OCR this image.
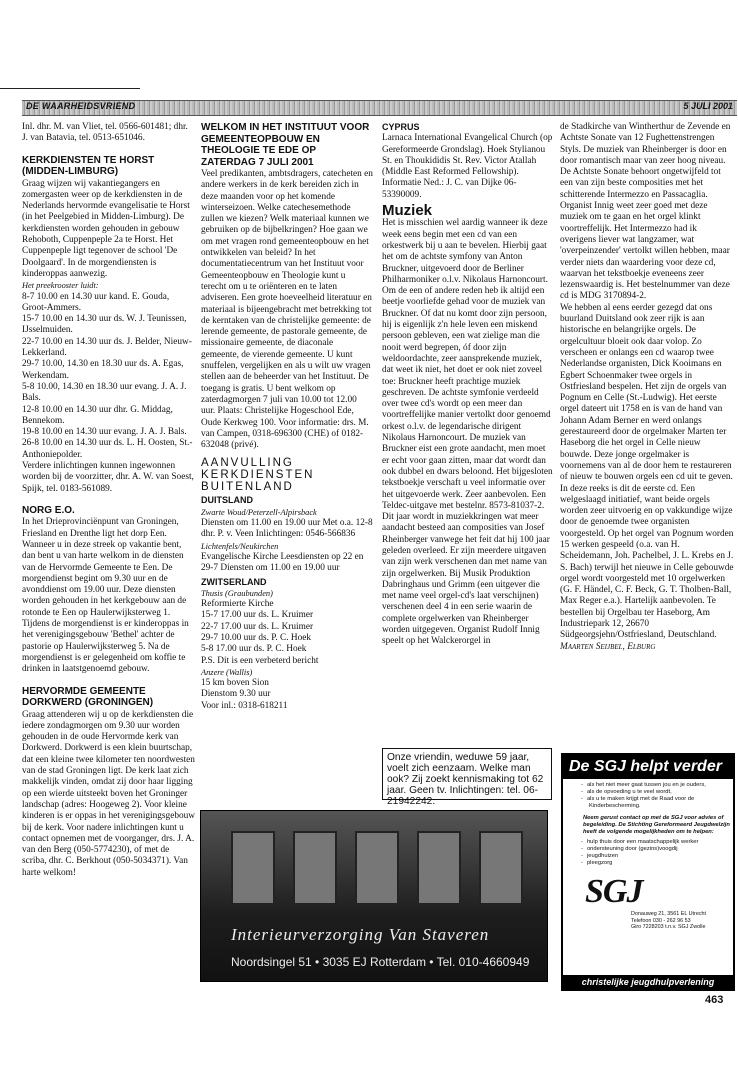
DE WAARHEIDSVRIEND	5 JULI 2001

Inl. dhr. M. van Vliet, tel. 0566-601481; dhr. J. van Batavia, tel. 0513-651046.

KERKDIENSTEN TE HORST (MIDDEN-LIMBURG)

Graag wijzen wij vakantiegangers en zomergasten weer op de kerkdiensten in de Nederlands hervormde evangelisatie te Horst (in het Peelgebied in Midden-Limburg). De kerkdiensten worden gehouden in gebouw Rehoboth, Cuppenpeple 2a te Horst. Het Cuppenpeple ligt tegenover de school 'De Doolgaard'. In de morgendiensten is kinderoppas aanwezig.

Het preekrooster luidt:

8-7 10.00 en 14.30 uur kand. E. Gouda, Groot-Ammers.

15-7 10.00 en 14.30 uur ds. W. J. Teunissen, IJsselmuiden.

22-7 10.00 en 14.30 uur ds. J. Belder, Nieuw-Lekkerland.

29-7 10.00, 14.30 en 18.30 uur ds. A. Egas, Werkendam.

5-8 10.00, 14.30 en 18.30 uur evang. J. A. J. Bals.

12-8 10.00 en 14.30 uur dhr. G. Middag, Bennekom.

19-8 10.00 en 14.30 uur evang. J. A. J. Bals.

26-8 10.00 en 14.30 uur ds. L. H. Oosten, St.-Anthoniepolder.

Verdere inlichtingen kunnen ingewonnen worden bij de voorzitter, dhr. A. W. van Soest, Spijk, tel. 0183-561089.

NORG E.O.

In het Drieprovinciënpunt van Groningen, Friesland en Drenthe ligt het dorp Een. Wanneer u in deze streek op vakantie bent, dan bent u van harte welkom in de diensten van de Hervormde Gemeente te Een. De morgendienst begint om 9.30 uur en de avonddienst om 19.00 uur. Deze diensten worden gehouden in het kerkgebouw aan de rotonde te Een op Haulerwijksterweg 1. Tijdens de morgendienst is er kinderoppas in het verenigingsgebouw 'Bethel' achter de pastorie op Haulerwijksterweg 5. Na de morgendienst is er gelegenheid om koffie te drinken in laatstgenoemd gebouw.

HERVORMDE GEMEENTE DORKWERD (GRONINGEN)

Graag attenderen wij u op de kerkdiensten die iedere zondagmorgen om 9.30 uur worden gehouden in de oude Hervormde kerk van Dorkwerd. Dorkwerd is een klein buurtschap, dat een kleine twee kilometer ten noordwesten van de stad Groningen ligt. De kerk laat zich makkelijk vinden, omdat zij door haar ligging op een wierde uitsteekt boven het Groninger landschap (adres: Hoogeweg 2). Voor kleine kinderen is er oppas in het verenigingsgebouw bij de kerk. Voor nadere inlichtingen kunt u contact opnemen met de voorganger, drs. J. A. van den Berg (050-5774230), of met de scriba, dhr. C. Berkhout (050-5034371). Van harte welkom!

WELKOM IN HET INSTITUUT VOOR GEMEENTEOPBOUW EN THEOLOGIE TE EDE OP ZATERDAG 7 JULI 2001

Veel predikanten, ambtsdragers, catecheten en andere werkers in de kerk bereiden zich in deze maanden voor op het komende winterseizoen. Welke catechesemethode zullen we kiezen? Welk materiaal kunnen we gebruiken op de bijbelkringen? Hoe gaan we om met vragen rond gemeenteopbouw en het ontwikkelen van beleid? In het documentatiecentrum van het Instituut voor Gemeenteopbouw en Theologie kunt u terecht om u te oriënteren en te laten adviseren. Een grote hoeveelheid literatuur en materiaal is bijeengebracht met betrekking tot de kerntaken van de christelijke gemeente: de lerende gemeente, de pastorale gemeente, de missionaire gemeente, de diaconale gemeente, de vierende gemeente. U kunt snuffelen, vergelijken en als u wilt uw vragen stellen aan de beheerder van het Instituut. De toegang is gratis. U bent welkom op zaterdagmorgen 7 juli van 10.00 tot 12.00 uur. Plaats: Christelijke Hogeschool Ede, Oude Kerkweg 100. Voor informatie: drs. M. van Campen, 0318-696300 (CHE) of 0182-632048 (privé).

AANVULLING KERKDIENSTEN BUITENLAND
DUITSLAND

Zwarte Woud/Peterzell-Alpirsback

Diensten om 11.00 en 19.00 uur Met o.a. 12-8 dhr. P. v. Veen Inlichtingen: 0546-566836

Lichtenfels/Neukirchen

Evangelische Kirche Leesdiensten op 22 en 29-7 Diensten om 11.00 en 19.00 uur

ZWITSERLAND

Thusis (Graubunden)

Reformierte Kirche

15-7 17.00 uur ds. L. Kruimer

22-7 17.00 uur ds. L. Kruimer

29-7 10.00 uur ds. P. C. Hoek

5-8 17.00 uur ds. P. C. Hoek

P.S. Dit is een verbeterd bericht

Anzere (Wallis)

15 km boven Sion

Dienstom 9.30 uur

Voor inl.: 0318-618211

CYPRUS

Larnaca International Evangelical Church (op Gereformeerde Grondslag). Hoek Stylianou St. en Thoukididis St. Rev. Victor Atallah (Middle East Reformed Fellowship). Informatie Ned.: J. C. van Dijke 06-53390009.

Muziek

Het is misschien wel aardig wanneer ik deze week eens begin met een cd van een orkestwerk bij u aan te bevelen. Hierbij gaat het om de achtste symfony van Anton Bruckner, uitgevoerd door de Berliner Philharmoniker o.l.v. Nikolaus Harnoncourt. Om de een of andere reden heb ik altijd een beetje voorliefde gehad voor de muziek van Bruckner. Of dat nu komt door zijn persoon, hij is eigenlijk z'n hele leven een miskend persoon gebleven, een wat zielige man die nooit werd begrepen, óf door zijn weldoordachte, zeer aansprekende muziek, dat weet ik niet, het doet er ook niet zoveel toe: Bruckner heeft prachtige muziek geschreven. De achtste symfonie verdeeld over twee cd's wordt op een meer dan voortreffelijke manier vertolkt door genoemd orkest o.l.v. de legendarische dirigent Nikolaus Harnoncourt. De muziek van Bruckner eist een grote aandacht, men moet er echt voor gaan zitten, maar dat wordt dan ook dubbel en dwars beloond. Het bijgesloten tekstboekje verschaft u veel informatie over het uitgevoerde werk. Zeer aanbevolen. Een Teldec-uitgave met bestelnr. 8573-81037-2.

Dit jaar wordt in muziekkringen wat meer aandacht besteed aan composities van Josef Rheinberger vanwege het feit dat hij 100 jaar geleden overleed. Er zijn meerdere uitgaven van zijn werk verschenen dan met name van zijn orgelwerken. Bij Musik Produktion Dabringhaus und Grimm (een uitgever die met name veel orgel-cd's laat verschijnen) verschenen deel 4 in een serie waarin de complete orgelwerken van Rheinberger worden uitgegeven. Organist Rudolf Innig speelt op het Walckerorgel in

Onze vriendin, weduwe 59 jaar, voelt zich eenzaam. Welke man ook? Zij zoekt kennismaking tot 62 jaar. Geen tv. Inlichtingen: tel. 06-21942242.

de Stadkirche van Wintherthur de Zevende en Achtste Sonate van 12 Fughettenstrengen Styls. De muziek van Rheinberger is door en door romantisch maar van zeer hoog niveau. De Achtste Sonate behoort ongetwijfeld tot een van zijn beste composities met het schitterende Intermezzo en Passacaglia. Organist Innig weet zeer goed met deze muziek om te gaan en het orgel klinkt voortreffelijk. Het Intermezzo had ik overigens liever wat langzamer, wat 'overpeinzender' vertolkt willen hebben, maar verder niets dan waardering voor deze cd, waarvan het tekstboekje eveneens zeer lezenswaardig is. Het bestelnummer van deze cd is MDG 3170894-2.

We hebben al eens eerder gezegd dat ons buurland Duitsland ook zeer rijk is aan historische en belangrijke orgels. De orgelcultuur bloeit ook daar volop. Zo verscheen er onlangs een cd waarop twee Nederlandse organisten, Dick Kooimans en Egbert Schoenmaker twee orgels in Ostfriesland bespelen. Het zijn de orgels van Pognum en Celle (St.-Ludwig). Het eerste orgel dateert uit 1758 en is van de hand van Johann Adam Berner en werd onlangs gerestaureerd door de orgelmaker Marten ter Haseborg die het orgel in Celle nieuw bouwde. Deze jonge orgelmaker is voornemens van al de door hem te restaureren of nieuw te bouwen orgels een cd uit te geven. In deze reeks is dit de eerste cd. Een welgeslaagd initiatief, want beide orgels worden zeer uitvoerig en op vakkundige wijze door de genoemde twee organisten voorgesteld. Op het orgel van Pognum worden 15 werken gespeeld (o.a. van H. Scheidemann, Joh. Pachelbel, J. L. Krebs en J. S. Bach) terwijl het nieuwe in Celle gebouwde orgel wordt voorgesteld met 10 orgelwerken (G. F. Händel, C. F. Beck, G. T. Tholben-Ball, Max Reger e.a.). Hartelijk aanbevolen. Te bestellen bij Orgelbau ter Haseborg, Am Industriepark 12, 26670 Südgeorgsjehn/Ostfriesland, Deutschland.

Maarten Seijbel, Elburg

Interieurverzorging Van Staveren
Noordsingel 51 • 3035 EJ Rotterdam • Tel. 010-4660949
De SGJ helpt verder
- als het niet meer gaat tussen jou en je ouders,
- als de opvoeding u te veel wordt,
- als u te maken krijgt met de Raad voor de Kinderbescherming.
Neem gerust contact op met de SGJ voor advies of begeleiding. De Stichting Gereformeerd Jeugdwelzijn heeft de volgende mogelijkheden om te helpen:
- hulp thuis door een maatschappelijk werker
- ondersteuning door (gezins)voogdij
- jeugdhuizen
- pleegzorg
SGJ
Donauweg 21, 3561 EL Utrecht
Telefoon 030 - 262 96 53
Giro 7228203 t.n.v. SGJ Zwolle
christelijke jeugdhulpverlening
463
